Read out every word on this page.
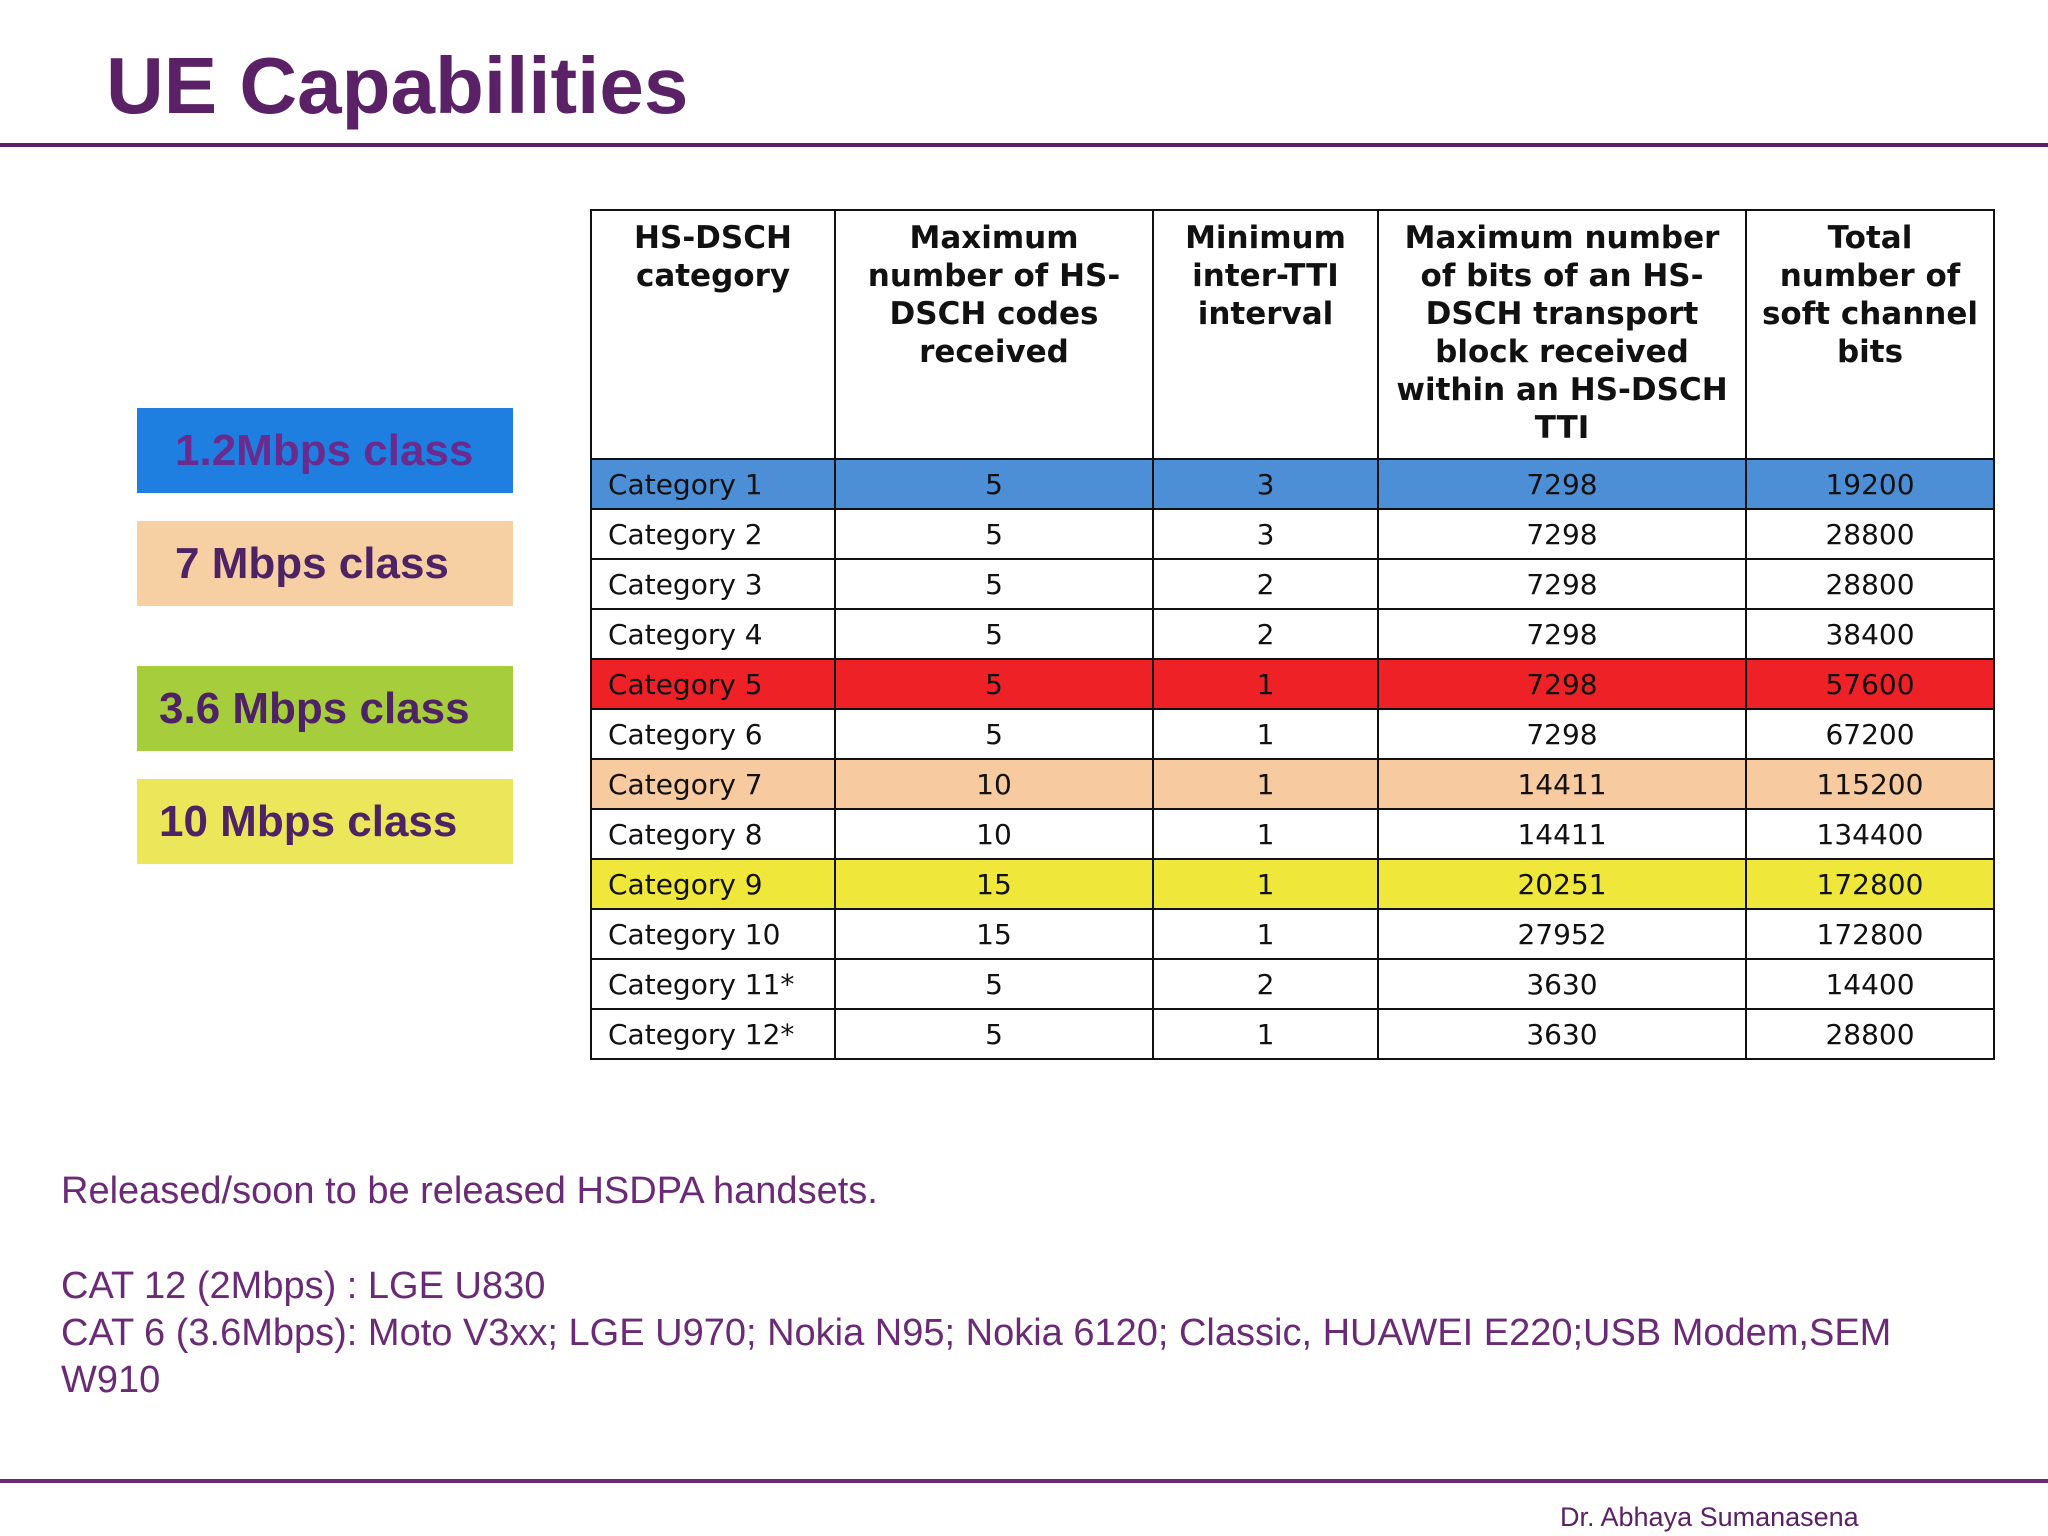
UE Capabilities
1.2Mbps class
7 Mbps class
3.6 Mbps class
10 Mbps class
HS-DSCH category	Maximum number of HS-DSCH codes received	Minimum inter-TTI interval	Maximum number of bits of an HS-DSCH transport block received within an HS-DSCH TTI	Total number of soft channel bits
Category 1	5	3	7298	19200
Category 2	5	3	7298	28800
Category 3	5	2	7298	28800
Category 4	5	2	7298	38400
Category 5	5	1	7298	57600
Category 6	5	1	7298	67200
Category 7	10	1	14411	115200
Category 8	10	1	14411	134400
Category 9	15	1	20251	172800
Category 10	15	1	27952	172800
Category 11*	5	2	3630	14400
Category 12*	5	1	3630	28800
Released/soon to be released HSDPA handsets.
CAT 12 (2Mbps) : LGE U830
CAT 6 (3.6Mbps): Moto V3xx; LGE U970; Nokia N95; Nokia 6120; Classic, HUAWEI E220;USB Modem,SEM W910
Dr. Abhaya Sumanasena
